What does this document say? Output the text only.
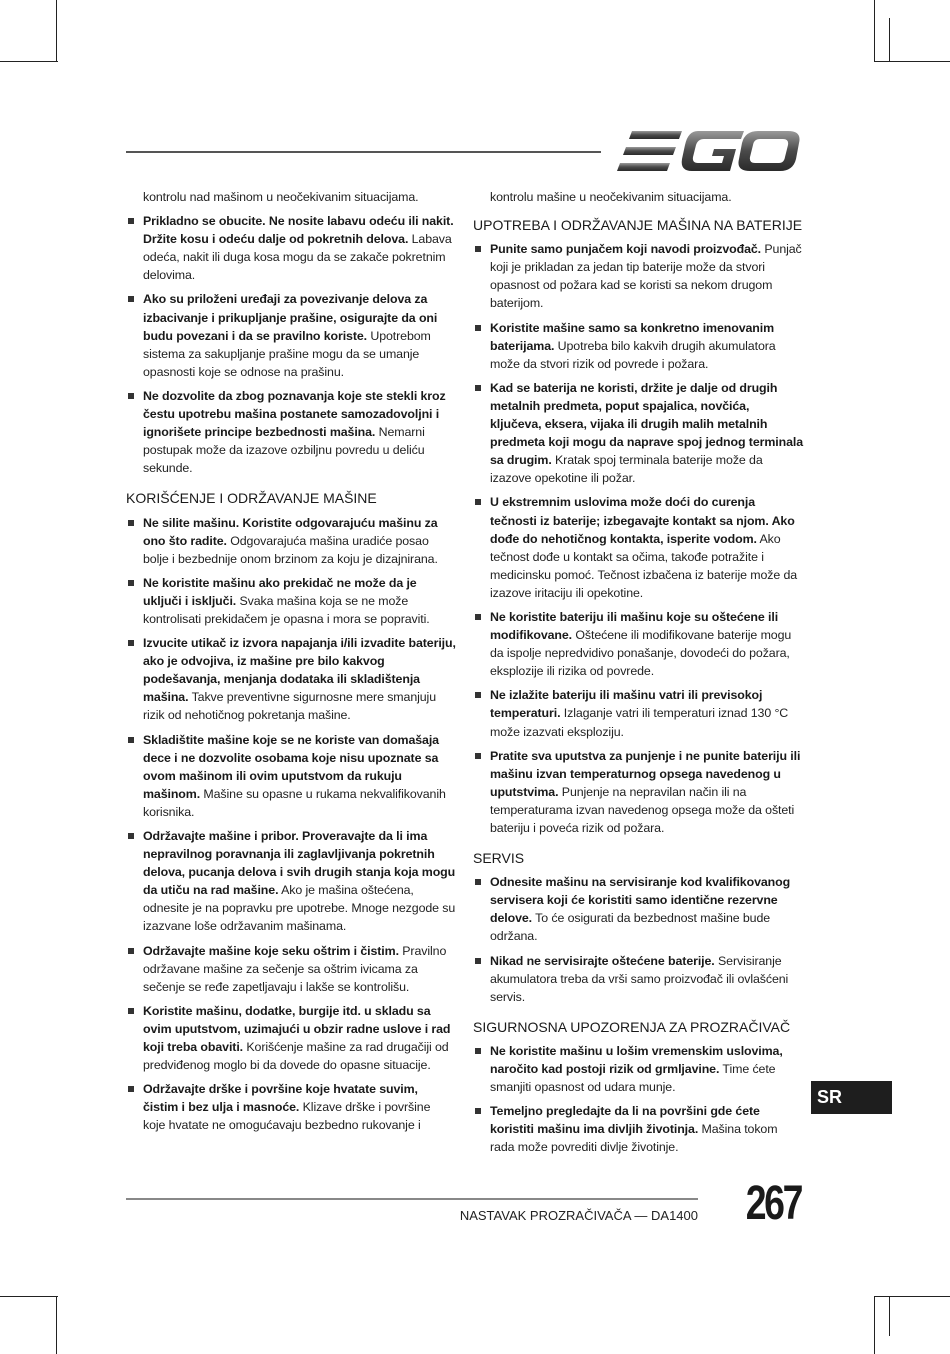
kontrolu nad mašinom u neočekivanim situacijama.

Prikladno se obucite. Ne nosite labavu odeću ili nakit. Držite kosu i odeću dalje od pokretnih delova. Labava odeća, nakit ili duga kosa mogu da se zakače pokretnim delovima.

Ako su priloženi uređaji za povezivanje delova za izbacivanje i prikupljanje prašine, osigurajte da oni budu povezani i da se pravilno koriste. Upotrebom sistema za sakupljanje prašine mogu da se umanje opasnosti koje se odnose na prašinu.

Ne dozvolite da zbog poznavanja koje ste stekli kroz čestu upotrebu mašina postanete samozadovoljni i ignorišete principe bezbednosti mašina. Nemarni postupak može da izazove ozbiljnu povredu u deliću sekunde.

KORIŠĆENJE I ODRŽAVANJE MAŠINE

Ne silite mašinu. Koristite odgovarajuću mašinu za ono što radite. Odgovarajuća mašina uradiće posao bolje i bezbednije onom brzinom za koju je dizajnirana.

Ne koristite mašinu ako prekidač ne može da je uključi i isključi. Svaka mašina koja se ne može kontrolisati prekidačem je opasna i mora se popraviti.

Izvucite utikač iz izvora napajanja i/ili izvadite bateriju, ako je odvojiva, iz mašine pre bilo kakvog podešavanja, menjanja dodataka ili skladištenja mašina. Takve preventivne sigurnosne mere smanjuju rizik od nehotičnog pokretanja mašine.

Skladištite mašine koje se ne koriste van domašaja dece i ne dozvolite osobama koje nisu upoznate sa ovom mašinom ili ovim uputstvom da rukuju mašinom. Mašine su opasne u rukama nekvalifikovanih korisnika.

Održavajte mašine i pribor. Proveravajte da li ima nepravilnog poravnanja ili zaglavljivanja pokretnih delova, pucanja delova i svih drugih stanja koja mogu da utiču na rad mašine. Ako je mašina oštećena, odnesite je na popravku pre upotrebe. Mnoge nezgode su izazvane loše održavanim mašinama.

Održavajte mašine koje seku oštrim i čistim. Pravilno održavane mašine za sečenje sa oštrim ivicama za sečenje se ređe zapetljavaju i lakše se kontrolišu.

Koristite mašinu, dodatke, burgije itd. u skladu sa ovim uputstvom, uzimajući u obzir radne uslove i rad koji treba obaviti. Korišćenje mašine za rad drugačiji od predviđenog moglo bi da dovede do opasne situacije.

Održavajte drške i površine koje hvatate suvim, čistim i bez ulja i masnoće. Klizave drške i površine koje hvatate ne omogućavaju bezbedno rukovanje i

kontrolu mašine u neočekivanim situacijama.

UPOTREBA I ODRŽAVANJE MAŠINA NA BATERIJE

Punite samo punjačem koji navodi proizvođač. Punjač koji je prikladan za jedan tip baterije može da stvori opasnost od požara kad se koristi sa nekom drugom baterijom.

Koristite mašine samo sa konkretno imenovanim baterijama. Upotreba bilo kakvih drugih akumulatora može da stvori rizik od povrede i požara.

Kad se baterija ne koristi, držite je dalje od drugih metalnih predmeta, poput spajalica, novčića, ključeva, eksera, vijaka ili drugih malih metalnih predmeta koji mogu da naprave spoj jednog terminala sa drugim. Kratak spoj terminala baterije može da izazove opekotine ili požar.

U ekstremnim uslovima može doći do curenja tečnosti iz baterije; izbegavajte kontakt sa njom. Ako dođe do nehotičnog kontakta, isperite vodom. Ako tečnost dođe u kontakt sa očima, takođe potražite i medicinsku pomoć. Tečnost izbačena iz baterije može da izazove iritaciju ili opekotine.

Ne koristite bateriju ili mašinu koje su oštećene ili modifikovane. Oštećene ili modifikovane baterije mogu da ispolje nepredvidivo ponašanje, dovodeći do požara, eksplozije ili rizika od povrede.

Ne izlažite bateriju ili mašinu vatri ili previsokoj temperaturi. Izlaganje vatri ili temperaturi iznad 130 °C može izazvati eksploziju.

Pratite sva uputstva za punjenje i ne punite bateriju ili mašinu izvan temperaturnog opsega navedenog u uputstvima. Punjenje na nepravilan način ili na temperaturama izvan navedenog opsega može da ošteti bateriju i poveća rizik od požara.

SERVIS

Odnesite mašinu na servisiranje kod kvalifikovanog servisera koji će koristiti samo identične rezervne delove. To će osigurati da bezbednost mašine bude održana.

Nikad ne servisirajte oštećene baterije. Servisiranje akumulatora treba da vrši samo proizvođač ili ovlašćeni servis.

SIGURNOSNA UPOZORENJA ZA PROZRAČIVAČ

Ne koristite mašinu u lošim vremenskim uslovima, naročito kad postoji rizik od grmljavine. Time ćete smanjiti opasnost od udara munje.

Temeljno pregledajte da li na površini gde ćete koristiti mašinu ima divljih životinja. Mašina tokom rada može povrediti divlje životinje.

SR
NASTAVAK PROZRAČIVAČA — DA1400 267
